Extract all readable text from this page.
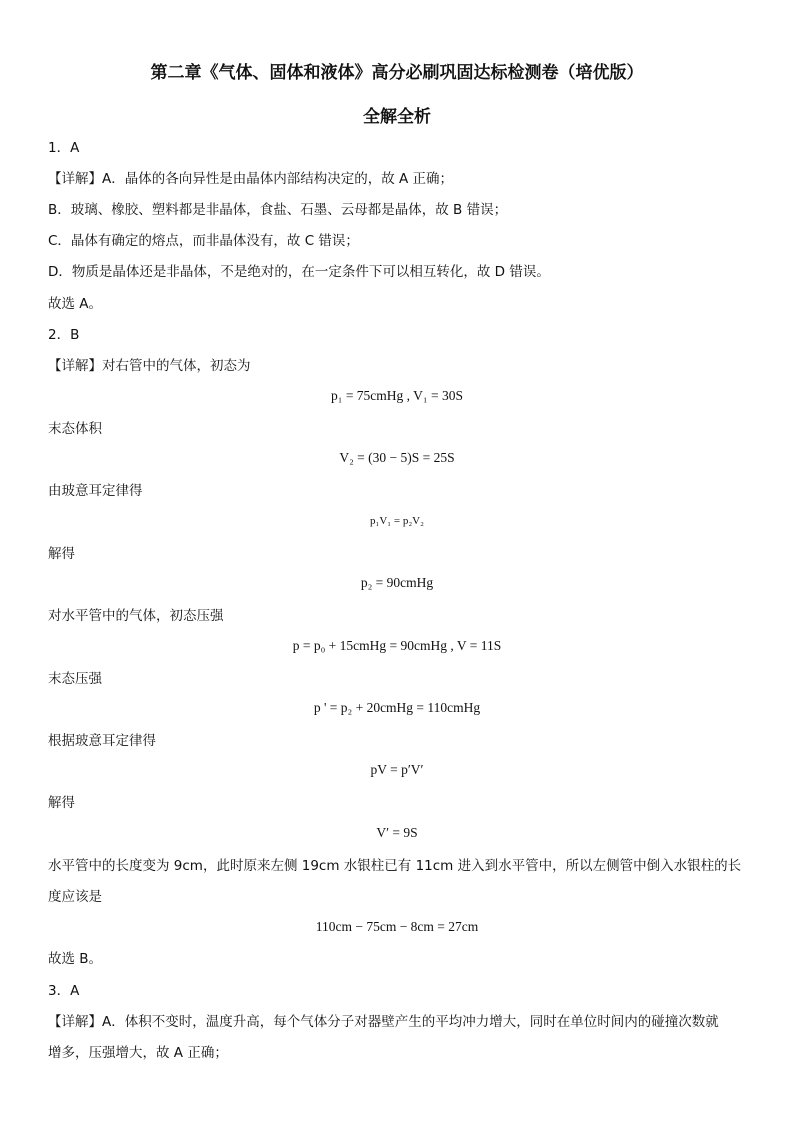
第二章《气体、固体和液体》高分必刷巩固达标检测卷（培优版）
全解全析
1．A
【详解】A．晶体的各向异性是由晶体内部结构决定的，故 A 正确；
B．玻璃、橡胶、塑料都是非晶体，食盐、石墨、云母都是晶体，故 B 错误；
C．晶体有确定的熔点，而非晶体没有，故 C 错误；
D．物质是晶体还是非晶体，不是绝对的，在一定条件下可以相互转化，故 D 错误。
故选 A。
2．B
【详解】对右管中的气体，初态为
p₁ = 75cmHg , V₁ = 30S
末态体积
V₂ = (30 − 5)S = 25S
由玻意耳定律得
p₁V₁ = p₂V₂
解得
p₂ = 90cmHg
对水平管中的气体，初态压强
p = p₀ + 15cmHg = 90cmHg , V = 11S
末态压强
p ' = p₂ + 20cmHg = 110cmHg
根据玻意耳定律得
pV = p′V′
解得
V′ = 9S
水平管中的长度变为 9cm，此时原来左侧 19cm 水银柱已有 11cm 进入到水平管中，所以左侧管中倒入水银柱的长
度应该是
110cm − 75cm − 8cm = 27cm
故选 B。
3．A
【详解】A．体积不变时，温度升高，每个气体分子对器壁产生的平均冲力增大，同时在单位时间内的碰撞次数就
增多，压强增大，故 A 正确；
